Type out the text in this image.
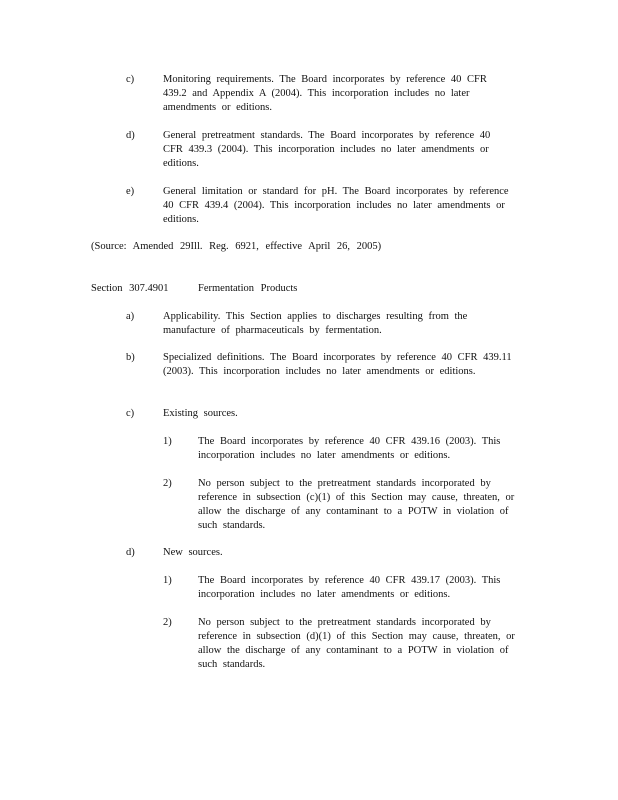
c)	Monitoring requirements. The Board incorporates by reference 40 CFR 439.2 and Appendix A (2004). This incorporation includes no later amendments or editions.
d)	General pretreatment standards. The Board incorporates by reference 40 CFR 439.3 (2004). This incorporation includes no later amendments or editions.
e)	General limitation or standard for pH. The Board incorporates by reference 40 CFR 439.4 (2004). This incorporation includes no later amendments or editions.
(Source: Amended 29Ill. Reg. 6921, effective April 26, 2005)
Section 307.4901	Fermentation Products
a)	Applicability. This Section applies to discharges resulting from the manufacture of pharmaceuticals by fermentation.
b)	Specialized definitions. The Board incorporates by reference 40 CFR 439.11 (2003). This incorporation includes no later amendments or editions.
c)	Existing sources.
1)	The Board incorporates by reference 40 CFR 439.16 (2003). This incorporation includes no later amendments or editions.
2)	No person subject to the pretreatment standards incorporated by reference in subsection (c)(1) of this Section may cause, threaten, or allow the discharge of any contaminant to a POTW in violation of such standards.
d)	New sources.
1)	The Board incorporates by reference 40 CFR 439.17 (2003). This incorporation includes no later amendments or editions.
2)	No person subject to the pretreatment standards incorporated by reference in subsection (d)(1) of this Section may cause, threaten, or allow the discharge of any contaminant to a POTW in violation of such standards.
